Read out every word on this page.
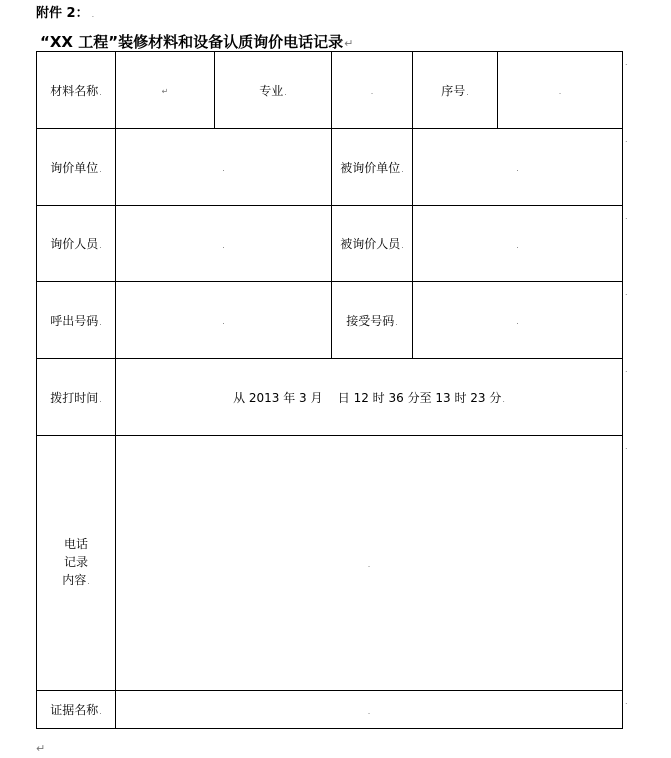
附件 2： .
“XX 工程”装修材料和设备认质询价电话记录↵
材料名称.	↵	专业.	.	序号.	.
询价单位.	.		被询价单位.	.	
询价人员.	.		被询价人员.	.	
呼出号码.	.		接受号码.	.	
拨打时间.	从 2013 年 3 月    日 12 时 36 分至 13 时 23 分.				
电话
记录
内容.	.				
证据名称.	.				
.
.
.
.
.
.
.
↵
